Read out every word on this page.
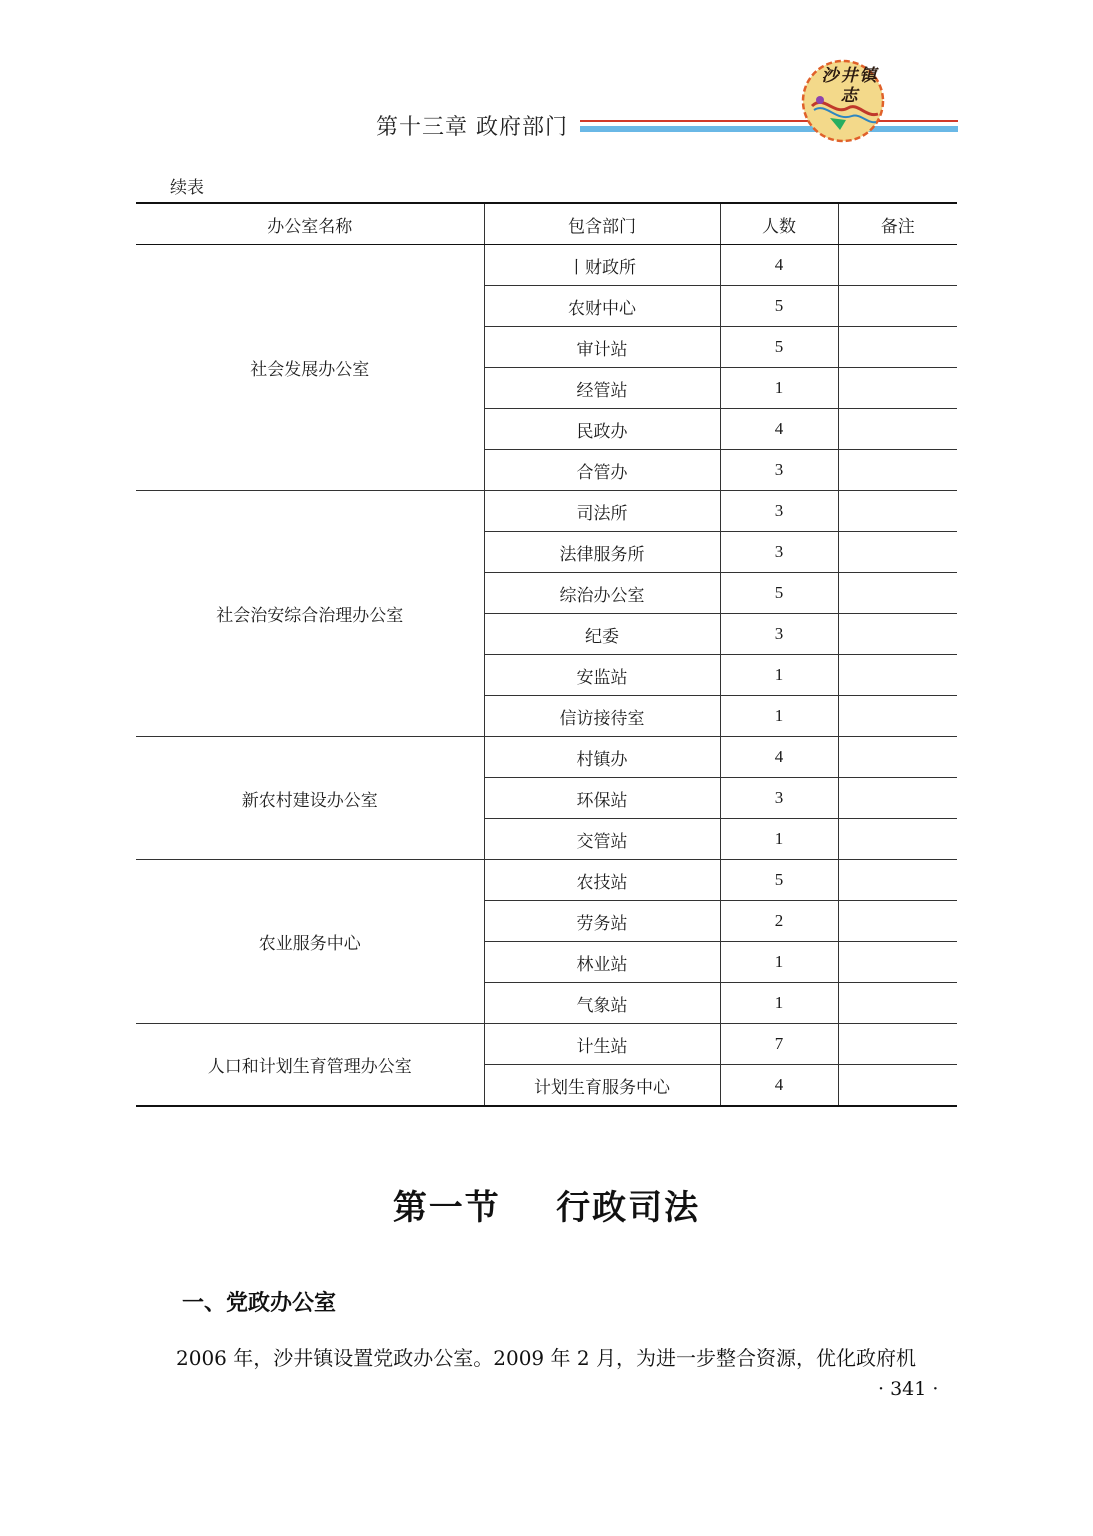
第十三章 政府部门
沙井镇志
续表
办公室名称	包含部门	人数	备注
社会发展办公室	丨财政所	4	
	农财中心	5	
	审计站	5	
	经管站	1	
	民政办	4	
	合管办	3	
社会治安综合治理办公室	司法所	3	
	法律服务所	3	
	综治办公室	5	
	纪委	3	
	安监站	1	
	信访接待室	1	
新农村建设办公室	村镇办	4	
	环保站	3	
	交管站	1	
农业服务中心	农技站	5	
	劳务站	2	
	林业站	1	
	气象站	1	
人口和计划生育管理办公室	计生站	7	
	计划生育服务中心	4	
第一节    行政司法
一、党政办公室
2006 年，沙井镇设置党政办公室。2009 年 2 月，为进一步整合资源，优化政府机
· 341 ·
